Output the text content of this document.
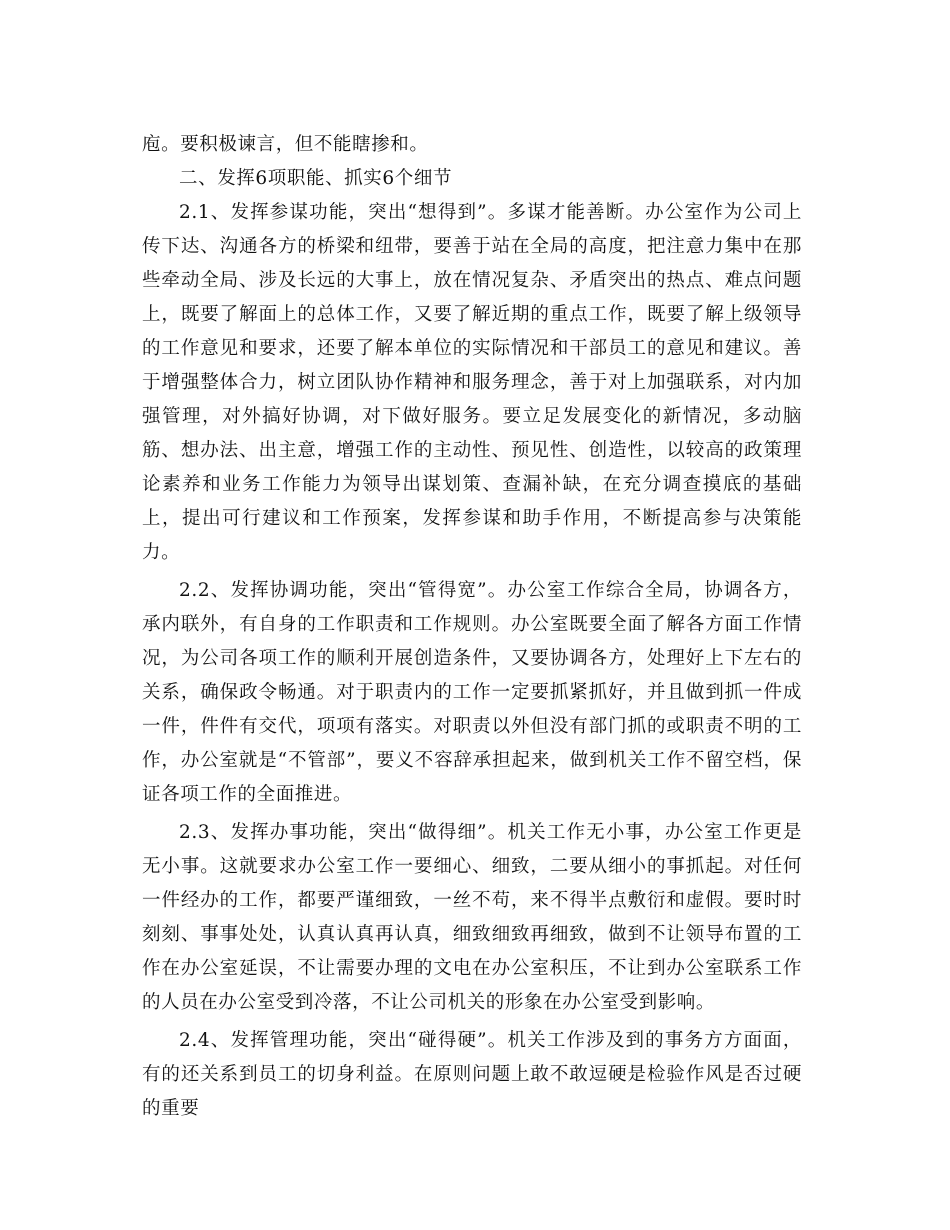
庖。要积极谏言，但不能瞎掺和。

二、发挥6项职能、抓实6个细节

2.1、发挥参谋功能，突出“想得到”。多谋才能善断。办公室作为公司上传下达、沟通各方的桥梁和纽带，要善于站在全局的高度，把注意力集中在那些牵动全局、涉及长远的大事上，放在情况复杂、矛盾突出的热点、难点问题上，既要了解面上的总体工作，又要了解近期的重点工作，既要了解上级领导的工作意见和要求，还要了解本单位的实际情况和干部员工的意见和建议。善于增强整体合力，树立团队协作精神和服务理念，善于对上加强联系，对内加强管理，对外搞好协调，对下做好服务。要立足发展变化的新情况，多动脑筋、想办法、出主意，增强工作的主动性、预见性、创造性，以较高的政策理论素养和业务工作能力为领导出谋划策、查漏补缺，在充分调查摸底的基础上，提出可行建议和工作预案，发挥参谋和助手作用，不断提高参与决策能力。

2.2、发挥协调功能，突出“管得宽”。办公室工作综合全局，协调各方，承内联外，有自身的工作职责和工作规则。办公室既要全面了解各方面工作情况，为公司各项工作的顺利开展创造条件，又要协调各方，处理好上下左右的关系，确保政令畅通。对于职责内的工作一定要抓紧抓好，并且做到抓一件成一件，件件有交代，项项有落实。对职责以外但没有部门抓的或职责不明的工作，办公室就是“不管部”，要义不容辞承担起来，做到机关工作不留空档，保证各项工作的全面推进。

2.3、发挥办事功能，突出“做得细”。机关工作无小事，办公室工作更是无小事。这就要求办公室工作一要细心、细致，二要从细小的事抓起。对任何一件经办的工作，都要严谨细致，一丝不苟，来不得半点敷衍和虚假。要时时刻刻、事事处处，认真认真再认真，细致细致再细致，做到不让领导布置的工作在办公室延误，不让需要办理的文电在办公室积压，不让到办公室联系工作的人员在办公室受到冷落，不让公司机关的形象在办公室受到影响。

2.4、发挥管理功能，突出“碰得硬”。机关工作涉及到的事务方方面面，有的还关系到员工的切身利益。在原则问题上敢不敢逗硬是检验作风是否过硬的重要
